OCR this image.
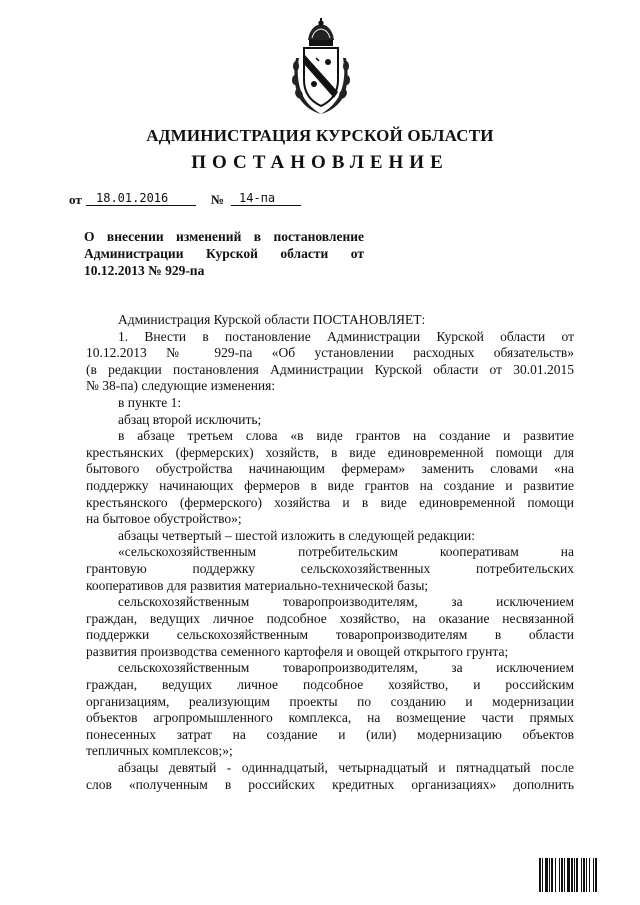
АДМИНИСТРАЦИЯ КУРСКОЙ ОБЛАСТИ
ПОСТАНОВЛЕНИЕ
от	18.01.2016	№	14-па
О внесении изменений в постановление
Администрации Курской области от
10.12.2013 № 929-па
Администрация Курской области ПОСТАНОВЛЯЕТ:
1. Внести в постановление Администрации Курской области от
10.12.2013 № 929-па «Об установлении расходных обязательств»
(в редакции постановления Администрации Курской области от 30.01.2015
№ 38-па) следующие изменения:
в пункте 1:
абзац второй исключить;
в абзаце третьем слова «в виде грантов на создание и развитие
крестьянских (фермерских) хозяйств, в виде единовременной помощи для
бытового обустройства начинающим фермерам» заменить словами «на
поддержку начинающих фермеров в виде грантов на создание и развитие
крестьянского (фермерского) хозяйства и в виде единовременной помощи
на бытовое обустройство»;
абзацы четвертый – шестой изложить в следующей редакции:
«сельскохозяйственным потребительским кооперативам на
грантовую поддержку сельскохозяйственных потребительских
кооперативов для развития материально-технической базы;
сельскохозяйственным товаропроизводителям, за исключением
граждан, ведущих личное подсобное хозяйство, на оказание несвязанной
поддержки сельскохозяйственным товаропроизводителям в области
развития производства семенного картофеля и овощей открытого грунта;
сельскохозяйственным товаропроизводителям, за исключением
граждан, ведущих личное подсобное хозяйство, и российским
организациям, реализующим проекты по созданию и модернизации
объектов агропромышленного комплекса, на возмещение части прямых
понесенных затрат на создание и (или) модернизацию объектов
тепличных комплексов;»;
абзацы девятый - одиннадцатый, четырнадцатый и пятнадцатый после
слов «полученным в российских кредитных организациях» дополнить
